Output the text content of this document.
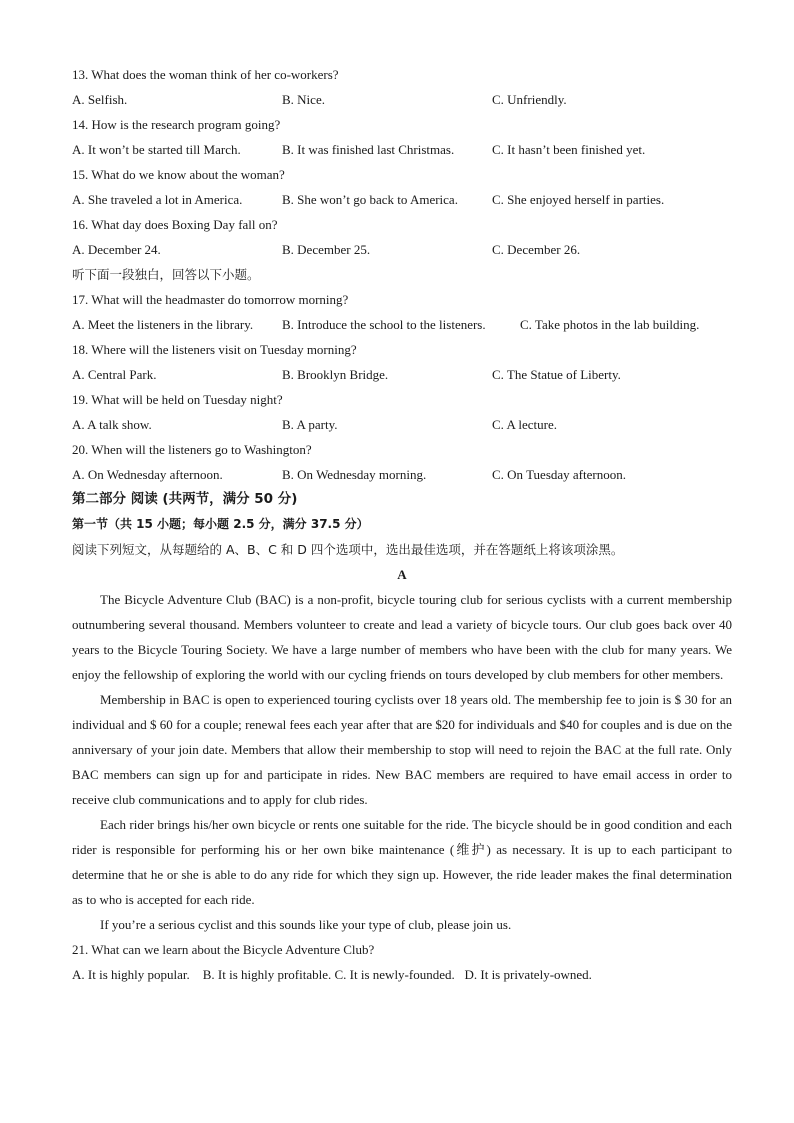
13. What does the woman think of her co-workers?
A. Selfish.	B. Nice.	C. Unfriendly.
14. How is the research program going?
A. It won’t be started till March.	B. It was finished last Christmas.	C. It hasn’t been finished yet.
15. What do we know about the woman?
A. She traveled a lot in America.	B. She won’t go back to America.	C. She enjoyed herself in parties.
16. What day does Boxing Day fall on?
A. December 24.	B. December 25.	C. December 26.
听下面一段独白，回答以下小题。
17. What will the headmaster do tomorrow morning?
A. Meet the listeners in the library. B. Introduce the school to the listeners.	C. Take photos in the lab building.
18. Where will the listeners visit on Tuesday morning?
A. Central Park.	B. Brooklyn Bridge.	C. The Statue of Liberty.
19. What will be held on Tuesday night?
A. A talk show.	B. A party.	C. A lecture.
20. When will the listeners go to Washington?
A. On Wednesday afternoon.	B. On Wednesday morning.	C. On Tuesday afternoon.
第二部分 阅读 (共两节，满分 50 分)
第一节（共 15 小题；每小题 2.5 分，满分 37.5 分）
阅读下列短文，从每题给的 A、B、C 和 D 四个选项中，选出最佳选项，并在答题纸上将该项涂黑。
A

The Bicycle Adventure Club (BAC) is a non-profit, bicycle touring club for serious cyclists with a current membership outnumbering several thousand. Members volunteer to create and lead a variety of bicycle tours. Our club goes back over 40 years to the Bicycle Touring Society. We have a large number of members who have been with the club for many years. We enjoy the fellowship of exploring the world with our cycling friends on tours developed by club members for other members.

Membership in BAC is open to experienced touring cyclists over 18 years old. The membership fee to join is $ 30 for an individual and $ 60 for a couple; renewal fees each year after that are $20 for individuals and $40 for couples and is due on the anniversary of your join date. Members that allow their membership to stop will need to rejoin the BAC at the full rate. Only BAC members can sign up for and participate in rides. New BAC members are required to have email access in order to receive club communications and to apply for club rides.

Each rider brings his/her own bicycle or rents one suitable for the ride. The bicycle should be in good condition and each rider is responsible for performing his or her own bike maintenance (维护) as necessary. It is up to each participant to determine that he or she is able to do any ride for which they sign up. However, the ride leader makes the final determination as to who is accepted for each ride.

If you’re a serious cyclist and this sounds like your type of club, please join us.

21. What can we learn about the Bicycle Adventure Club?
A. It is highly popular.    B. It is highly profitable. C. It is newly-founded.   D. It is privately-owned.
